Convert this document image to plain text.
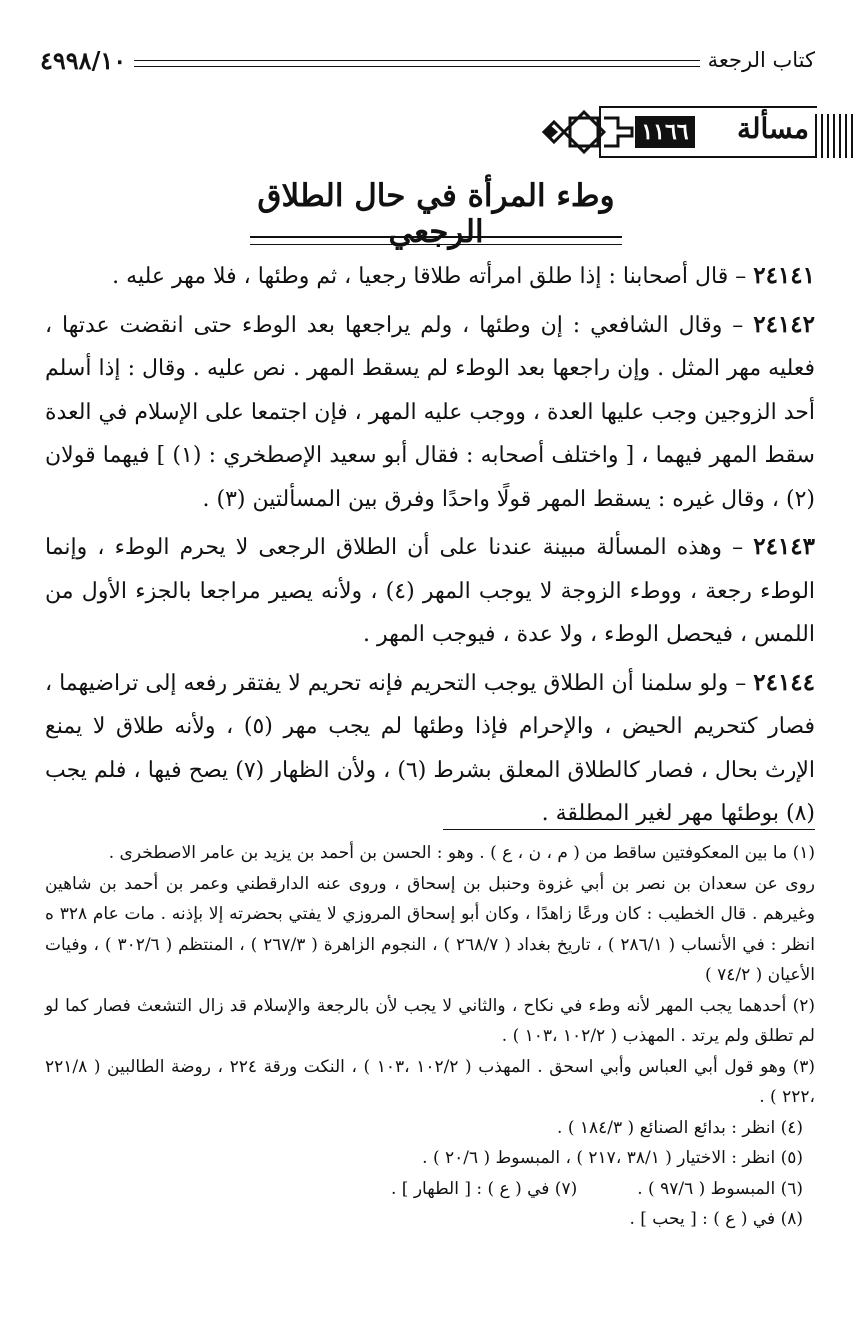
كتاب الرجعة
٤٩٩٨/١٠
مسألة
١١٦٦
وطء المرأة في حال الطلاق الرجعي

٢٤١٤١ – قال أصحابنا : إذا طلق امرأته طلاقا رجعيا ، ثم وطئها ، فلا مهر عليه .

٢٤١٤٢ – وقال الشافعي : إن وطئها ، ولم يراجعها بعد الوطء حتى انقضت عدتها ، فعليه مهر المثل . وإن راجعها بعد الوطء لم يسقط المهر . نص عليه . وقال : إذا أسلم أحد الزوجين وجب عليها العدة ، ووجب عليه المهر ، فإن اجتمعا على الإسلام في العدة سقط المهر فيهما ، [ واختلف أصحابه : فقال أبو سعيد الإصطخري : (١) ] فيهما قولان (٢) ، وقال غيره : يسقط المهر قولًا واحدًا وفرق بين المسألتين (٣) .

٢٤١٤٣ – وهذه المسألة مبينة عندنا على أن الطلاق الرجعى لا يحرم الوطء ، وإنما الوطء رجعة ، ووطء الزوجة لا يوجب المهر (٤) ، ولأنه يصير مراجعا بالجزء الأول من اللمس ، فيحصل الوطء ، ولا عدة ، فيوجب المهر .

٢٤١٤٤ – ولو سلمنا أن الطلاق يوجب التحريم فإنه تحريم لا يفتقر رفعه إلى تراضيهما ، فصار كتحريم الحيض ، والإحرام فإذا وطئها لم يجب مهر (٥) ، ولأنه طلاق لا يمنع الإرث بحال ، فصار كالطلاق المعلق بشرط (٦) ، ولأن الظهار (٧) يصح فيها ، فلم يجب (٨) بوطئها مهر لغير المطلقة .

(١) ما بين المعكوفتين ساقط من ( م ، ن ، ع ) . وهو : الحسن بن أحمد بن يزيد بن عامر الاصطخرى .
روى عن سعدان بن نصر بن أبي غزوة وحنبل بن إسحاق ، وروى عنه الدارقطني وعمر بن أحمد بن شاهين وغيرهم . قال الخطيب : كان ورعًا زاهدًا ، وكان أبو إسحاق المروزي لا يفتي بحضرته إلا بإذنه . مات عام ٣٢٨ ه انظر : في الأنساب ( ٢٨٦/١ ) ، تاريخ بغداد ( ٢٦٨/٧ ) ، النجوم الزاهرة ( ٢٦٧/٣ ) ، المنتظم ( ٣٠٢/٦ ) ، وفيات الأعيان ( ٧٤/٢ )
(٢) أحدهما يجب المهر لأنه وطء في نكاح ، والثاني لا يجب لأن بالرجعة والإسلام قد زال التشعث فصار كما لو لم تطلق ولم يرتد . المهذب ( ١٠٢/٢ ،١٠٣ ) .
(٣) وهو قول أبي العباس وأبي اسحق . المهذب ( ١٠٢/٢ ،١٠٣ ) ، النكت ورقة ٢٢٤ ، روضة الطالبين ( ٢٢١/٨ ،٢٢٢ ) .
(٤) انظر : بدائع الصنائع ( ١٨٤/٣ ) .
(٥) انظر : الاختيار ( ٣٨/١ ،٢١٧ ) ، المبسوط ( ٢٠/٦ ) .
(٦) المبسوط ( ٩٧/٦ ) .
(٧) في ( ع ) : [ الطهار ] .
(٨) في ( ع ) : [ يحب ] .
